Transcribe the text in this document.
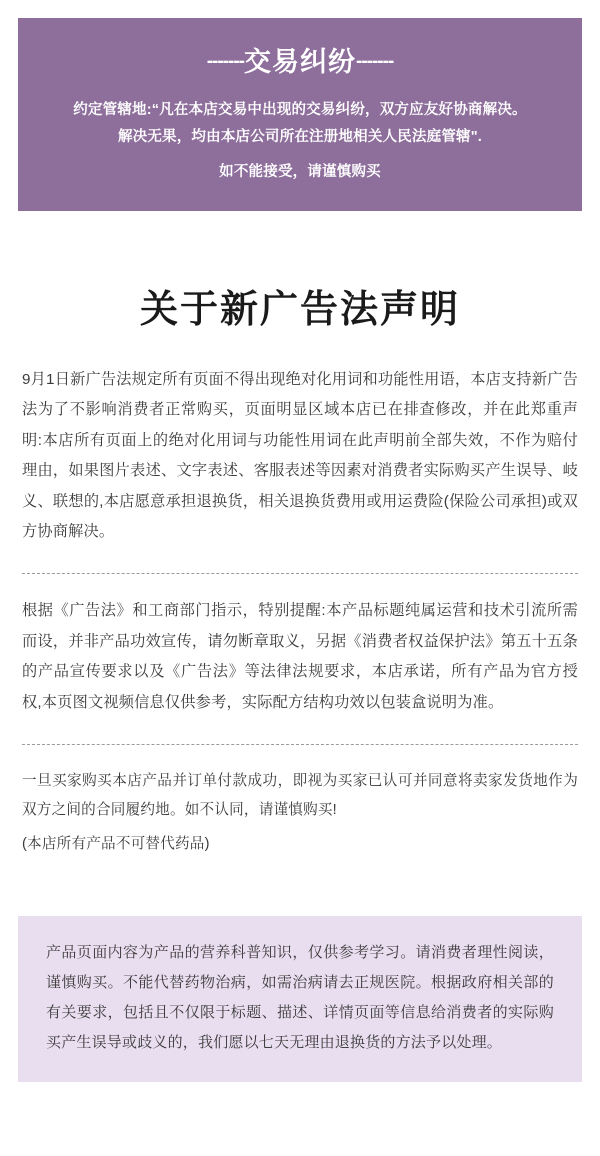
-------交易纠纷-------
约定管辖地:“凡在本店交易中出现的交易纠纷，双方应友好协商解决。
解决无果，均由本店公司所在注册地相关人民法庭管辖".
如不能接受，请谨慎购买
关于新广告法声明
9月1日新广告法规定所有页面不得出现绝对化用词和功能性用语，本店支持新广告法为了不影响消费者正常购买，页面明显区域本店已在排查修改，并在此郑重声明:本店所有页面上的绝对化用词与功能性用词在此声明前全部失效，不作为赔付理由，如果图片表述、文字表述、客服表述等因素对消费者实际购买产生误导、岐义、联想的,本店愿意承担退换货，相关退换货费用或用运费险(保险公司承担)或双方协商解决。
根据《广告法》和工商部门指示，特别提醒:本产品标题纯属运营和技术引流所需而设，并非产品功效宣传，请勿断章取义，另据《消费者权益保护法》第五十五条的产品宣传要求以及《广告法》等法律法规要求，本店承诺，所有产品为官方授权,本页图文视频信息仅供参考，实际配方结构功效以包装盒说明为准。
一旦买家购买本店产品并订单付款成功，即视为买家已认可并同意将卖家发货地作为双方之间的合同履约地。如不认同，请谨慎购买!
(本店所有产品不可替代药品)

产品页面内容为产品的营养科普知识，仅供参考学习。请消费者理性阅读，谨慎购买。不能代替药物治病，如需治病请去正规医院。根据政府相关部的有关要求，包括且不仅限于标题、描述、详情页面等信息给消费者的实际购买产生误导或歧义的，我们愿以七天无理由退换货的方法予以处理。
